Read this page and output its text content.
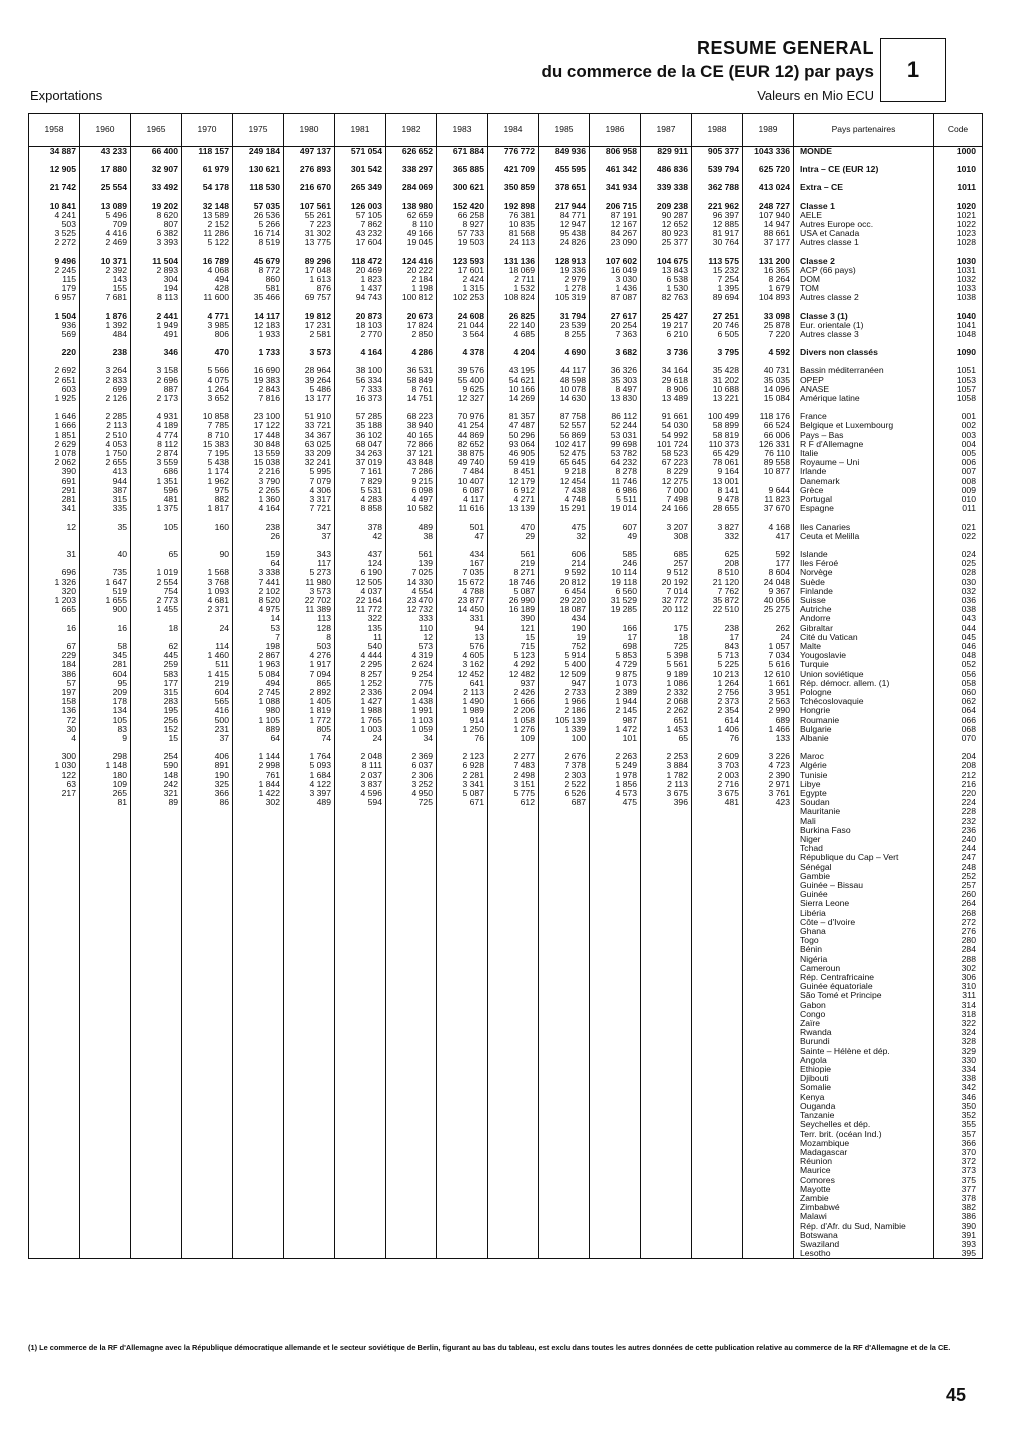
RESUME GENERAL
du commerce de la CE (EUR 12) par pays	1
Exportations	Valeurs en Mio ECU
1958	1960	1965	1970	1975	1980	1981	1982	1983	1984	1985	1986	1987	1988	1989	Pays partenaires	Code
34 887	43 233	66 400	118 157	249 184	497 137	571 054	626 652	671 884	776 772	849 936	806 958	829 911	905 377	1043 336	MONDE	1000

12 905	17 880	32 907	61 979	130 621	276 893	301 542	338 297	365 885	421 709	455 595	461 342	486 836	539 794	625 720	Intra – CE (EUR 12)	1010

21 742	25 554	33 492	54 178	118 530	216 670	265 349	284 069	300 621	350 859	378 651	341 934	339 338	362 788	413 024	Extra – CE	1011

10 841	13 089	19 202	32 148	57 035	107 561	126 003	138 980	152 420	192 898	217 944	206 715	209 238	221 962	248 727	Classe 1	1020
4 241	5 496	8 620	13 589	26 536	55 261	57 105	62 659	66 258	76 381	84 771	87 191	90 287	96 397	107 940	AELE	1021
503	709	807	2 152	5 266	7 223	7 862	8 110	8 927	10 835	12 947	12 167	12 652	12 885	14 947	Autres Europe occ.	1022
3 525	4 416	6 382	11 286	16 714	31 302	43 232	49 166	57 733	81 568	95 438	84 267	80 923	81 917	88 661	USA et Canada	1023
2 272	2 469	3 393	5 122	8 519	13 775	17 604	19 045	19 503	24 113	24 826	23 090	25 377	30 764	37 177	Autres classe 1	1028

9 496	10 371	11 504	16 789	45 679	89 296	118 472	124 416	123 593	131 136	128 913	107 602	104 675	113 575	131 200	Classe 2	1030
2 245	2 392	2 893	4 068	8 772	17 048	20 469	20 222	17 601	18 069	19 336	16 049	13 843	15 232	16 365	ACP (66 pays)	1031
115	143	304	494	860	1 613	1 823	2 184	2 424	2 711	2 979	3 030	6 538	7 254	8 264	DOM	1032
179	155	194	428	581	876	1 437	1 198	1 315	1 532	1 278	1 436	1 530	1 395	1 679	TOM	1033
6 957	7 681	8 113	11 600	35 466	69 757	94 743	100 812	102 253	108 824	105 319	87 087	82 763	89 694	104 893	Autres classe 2	1038

1 504	1 876	2 441	4 771	14 117	19 812	20 873	20 673	24 608	26 825	31 794	27 617	25 427	27 251	33 098	Classe 3 (1)	1040
936	1 392	1 949	3 985	12 183	17 231	18 103	17 824	21 044	22 140	23 539	20 254	19 217	20 746	25 878	Eur. orientale (1)	1041
569	484	491	806	1 933	2 581	2 770	2 850	3 564	4 685	8 255	7 363	6 210	6 505	7 220	Autres classe 3	1048

220	238	346	470	1 733	3 573	4 164	4 286	4 378	4 204	4 690	3 682	3 736	3 795	4 592	Divers non classés	1090

2 692	3 264	3 158	5 566	16 690	28 964	38 100	36 531	39 576	43 195	44 117	36 326	34 164	35 428	40 731	Bassin méditerranéen	1051
2 651	2 833	2 696	4 075	19 383	39 264	56 334	58 849	55 400	54 621	48 598	35 303	29 618	31 202	35 035	OPEP	1053
603	699	887	1 264	2 843	5 486	7 333	8 761	9 625	10 166	10 078	8 497	8 906	10 688	14 096	ANASE	1057
1 925	2 126	2 173	3 652	7 816	13 177	16 373	14 751	12 327	14 269	14 630	13 830	13 489	13 221	15 084	Amérique latine	1058

1 646	2 285	4 931	10 858	23 100	51 910	57 285	68 223	70 976	81 357	87 758	86 112	91 661	100 499	118 176	France	001
1 666	2 113	4 189	7 785	17 122	33 721	35 188	38 940	41 254	47 487	52 557	52 244	54 030	58 899	66 524	Belgique et Luxembourg	002
1 851	2 510	4 774	8 710	17 448	34 367	36 102	40 165	44 869	50 296	56 869	53 031	54 992	58 819	66 006	Pays – Bas	003
2 629	4 053	8 112	15 383	30 848	63 025	68 047	72 866	82 652	93 064	102 417	99 698	101 724	110 373	126 331	R F d'Allemagne	004
1 078	1 750	2 874	7 195	13 559	33 209	34 263	37 121	38 875	46 905	52 475	53 782	58 523	65 429	76 110	Italie	005
2 062	2 655	3 559	5 438	15 038	32 241	37 019	43 848	49 740	59 419	65 645	64 232	67 223	78 061	89 558	Royaume – Uni	006
390	413	686	1 174	2 216	5 995	7 161	7 286	7 484	8 451	9 218	8 278	8 229	9 164	10 877	Irlande	007
691	944	1 351	1 962	3 790	7 079	7 829	9 215	10 407	12 179	12 454	11 746	12 275	13 001		Danemark	008
291	387	596	975	2 265	4 306	5 531	6 098	6 087	6 912	7 438	6 986	7 000	8 141	9 644	Grèce	009
281	315	481	882	1 360	3 317	4 283	4 497	4 117	4 271	4 748	5 511	7 498	9 478	11 823	Portugal	010
341	335	1 375	1 817	4 164	7 721	8 858	10 582	11 616	13 139	15 291	19 014	24 166	28 655	37 670	Espagne	011

12	35	105	160	238	347	378	489	501	470	475	607	3 207	3 827	4 168	Iles Canaries	021
				26	37	42	38	47	29	32	49	308	332	417	Ceuta et Melilla	022

31	40	65	90	159	343	437	561	434	561	606	585	685	625	592	Islande	024
				64	117	124	139	167	219	214	246	257	208	177	Iles Féroé	025
696	735	1 019	1 568	3 338	5 273	6 190	7 025	7 035	8 271	9 592	10 114	9 512	8 510	8 604	Norvège	028
1 326	1 647	2 554	3 768	7 441	11 980	12 505	14 330	15 672	18 746	20 812	19 118	20 192	21 120	24 048	Suède	030
320	519	754	1 093	2 102	3 573	4 037	4 554	4 788	5 087	6 454	6 560	7 014	7 762	9 367	Finlande	032
1 203	1 655	2 773	4 681	8 520	22 702	22 164	23 470	23 877	26 990	29 220	31 529	32 772	35 872	40 056	Suisse	036
665	900	1 455	2 371	4 975	11 389	11 772	12 732	14 450	16 189	18 087	19 285	20 112	22 510	25 275	Autriche	038
				14	113	322	333	331	390	434					Andorre	043
16	16	18	24	53	128	135	110	94	121	190	166	175	238	262	Gibraltar	044
				7	8	11	12	13	15	19	17	18	17	24	Cité du Vatican	045
67	58	62	114	198	503	540	573	576	715	752	698	725	843	1 057	Malte	046
229	345	445	1 460	2 867	4 276	4 444	4 319	4 605	5 123	5 914	5 853	5 398	5 713	7 034	Yougoslavie	048
184	281	259	511	1 963	1 917	2 295	2 624	3 162	4 292	5 400	4 729	5 561	5 225	5 616	Turquie	052
386	604	583	1 415	5 084	7 094	8 257	9 254	12 452	12 482	12 509	9 875	9 189	10 213	12 610	Union soviétique	056
57	95	177	219	494	865	1 252	775	641	937	947	1 073	1 086	1 264	1 661	Rép. démocr. allem. (1)	058
197	209	315	604	2 745	2 892	2 336	2 094	2 113	2 426	2 733	2 389	2 332	2 756	3 951	Pologne	060
158	178	283	565	1 088	1 405	1 427	1 438	1 490	1 666	1 966	1 944	2 068	2 373	2 563	Tchécoslovaquie	062
136	134	195	416	980	1 819	1 988	1 991	1 989	2 206	2 186	2 145	2 262	2 354	2 990	Hongrie	064
72	105	256	500	1 105	1 772	1 765	1 103	914	1 058	105 139	987	651	614	689	Roumanie	066
30	83	152	231	889	805	1 003	1 059	1 250	1 276	1 339	1 472	1 453	1 406	1 466	Bulgarie	068
4	9	15	37	64	74	24	34	76	109	100	101	65	76	133	Albanie	070

300	298	254	406	1 144	1 764	2 048	2 369	2 123	2 277	2 676	2 263	2 253	2 609	3 226	Maroc	204
1 030	1 148	590	891	2 998	5 093	8 111	6 037	6 928	7 483	7 378	5 249	3 884	3 703	4 723	Algérie	208
122	180	148	190	761	1 684	2 037	2 306	2 281	2 498	2 303	1 978	1 782	2 003	2 390	Tunisie	212
63	109	242	325	1 844	4 122	3 837	3 252	3 341	3 151	2 522	1 856	2 113	2 716	2 971	Libye	216
217	265	321	366	1 422	3 397	4 596	4 950	5 087	5 775	6 526	4 573	3 675	3 675	3 761	Egypte	220
	81	89	86	302	489	594	725	671	612	687	475	396	481	423	Soudan	224
															Mauritanie	228
															Mali	232
															Burkina Faso	236
															Niger	240
															Tchad	244
															République du Cap – Vert	247
															Sénégal	248
															Gambie	252
															Guinée – Bissau	257
															Guinée	260
															Sierra Leone	264
															Libéria	268
															Côte – d'Ivoire	272
															Ghana	276
															Togo	280
															Bénin	284
															Nigéria	288
															Cameroun	302
															Rép. Centrafricaine	306
															Guinée équatoriale	310
															São Tomé et Principe	311
															Gabon	314
															Congo	318
															Zaïre	322
															Rwanda	324
															Burundi	328
															Sainte – Hélène et dép.	329
															Angola	330
															Ethiopie	334
															Djibouti	338
															Somalie	342
															Kenya	346
															Ouganda	350
															Tanzanie	352
															Seychelles et dép.	355
															Terr. brit. (océan Ind.)	357
															Mozambique	366
															Madagascar	370
															Réunion	372
															Maurice	373
															Comores	375
															Mayotte	377
															Zambie	378
															Zimbabwé	382
															Malawi	386
															Rép. d'Afr. du Sud, Namibie	390
															Botswana	391
															Swaziland	393
															Lesotho	395
(1) Le commerce de la RF d'Allemagne avec la République démocratique allemande et le secteur soviétique de Berlin, figurant au bas du tableau, est exclu dans toutes les autres données de cette publication relative au commerce de la RF d'Allemagne et de la CE.
45
